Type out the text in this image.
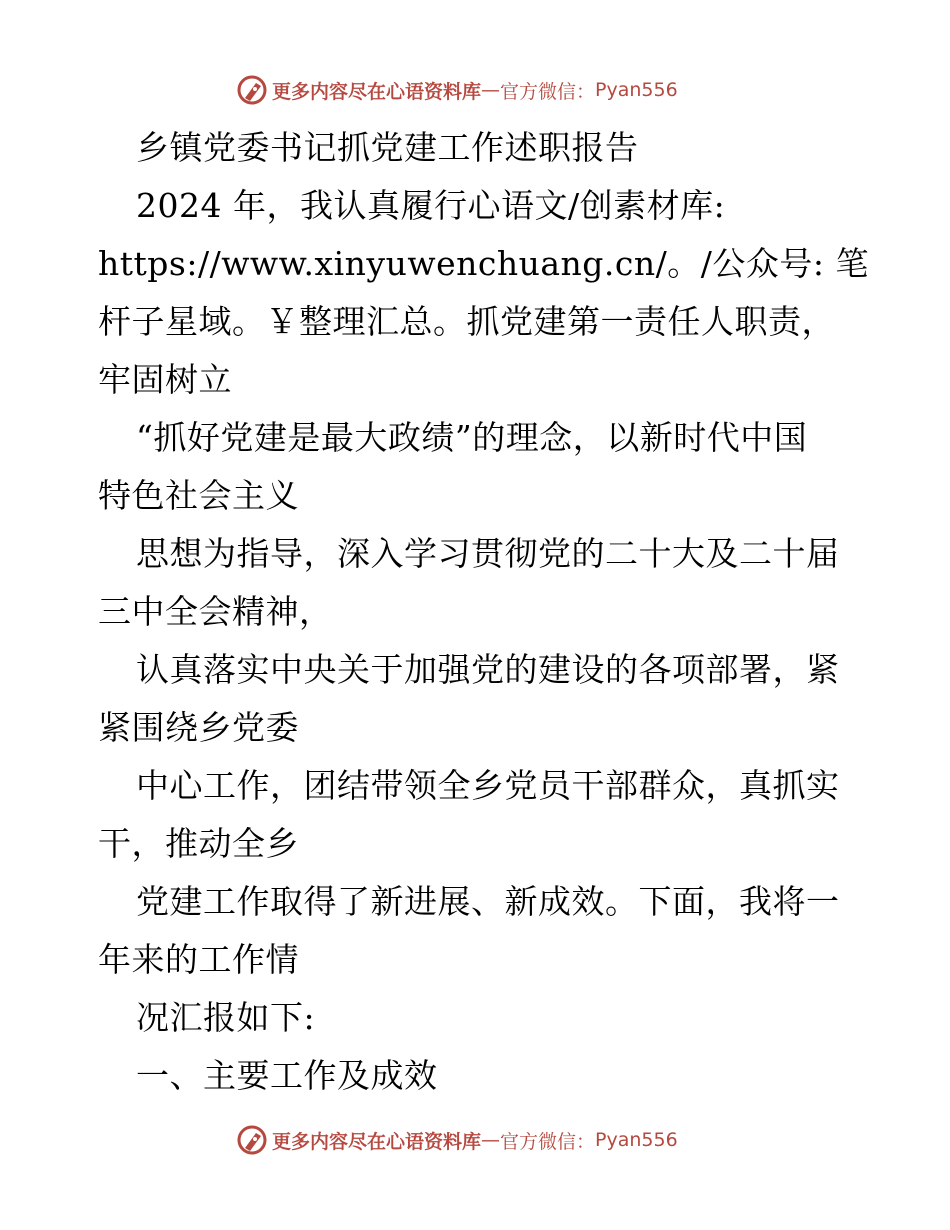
更多内容尽在心语资料库 — 官方微信： Pyan556
乡镇党委书记抓党建工作述职报告
2024 年，我认真履行心语文/创素材库:
https://www.xinyuwenchuang.cn/。/公众号: 笔
杆子星域。￥整理汇总。抓党建第一责任人职责，
牢固树立
“抓好党建是最大政绩”的理念，以新时代中国
特色社会主义
思想为指导，深入学习贯彻党的二十大及二十届
三中全会精神，
认真落实中央关于加强党的建设的各项部署，紧
紧围绕乡党委
中心工作，团结带领全乡党员干部群众，真抓实
干，推动全乡
党建工作取得了新进展、新成效。下面，我将一
年来的工作情
况汇报如下:
一、主要工作及成效
更多内容尽在心语资料库 — 官方微信： Pyan556
